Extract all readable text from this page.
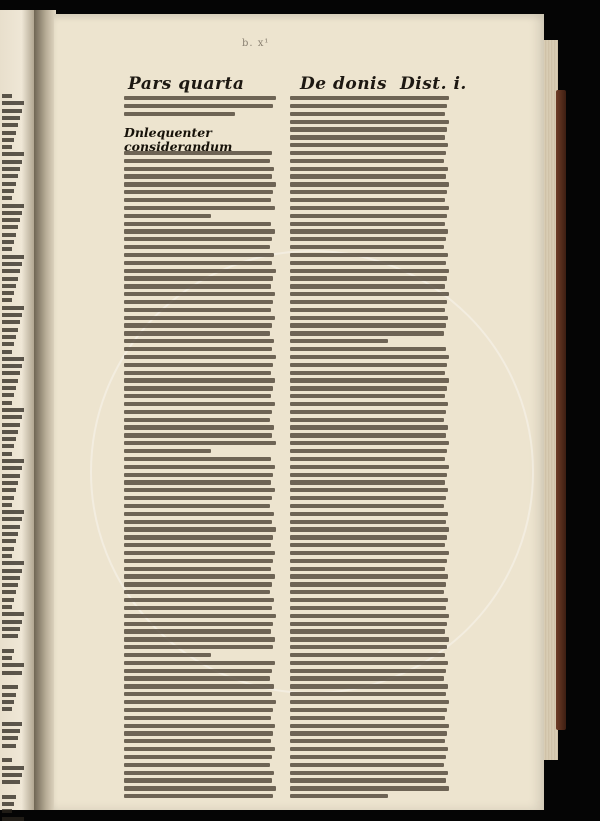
b. x¹
Pars quarta	De donis Dist. i.
Dnlequenter considerandum
